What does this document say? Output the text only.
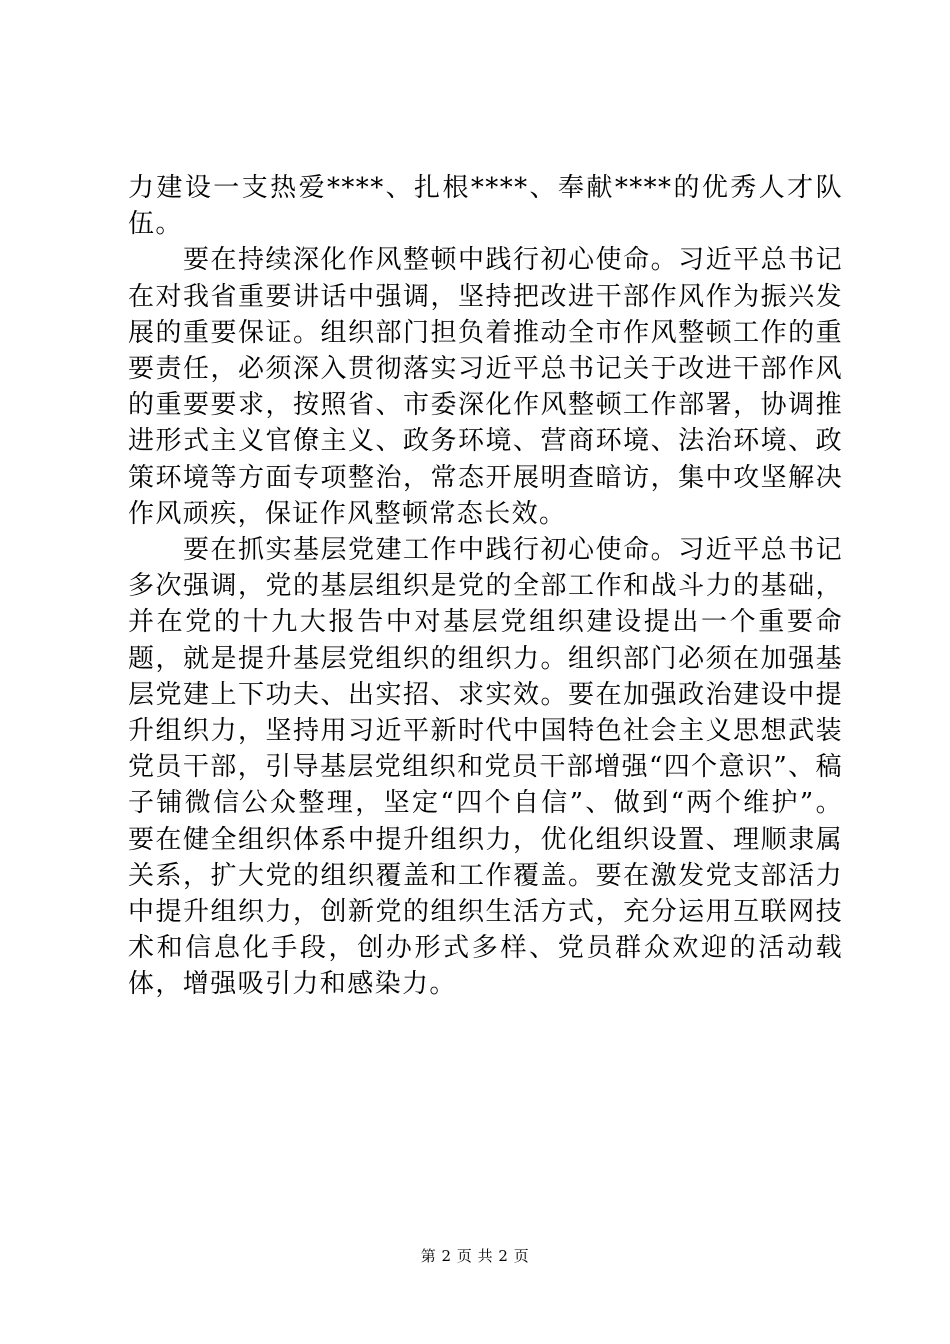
力建设一支热爱****、扎根****、奉献****的优秀人才队伍。

要在持续深化作风整顿中践行初心使命。习近平总书记在对我省重要讲话中强调，坚持把改进干部作风作为振兴发展的重要保证。组织部门担负着推动全市作风整顿工作的重要责任，必须深入贯彻落实习近平总书记关于改进干部作风的重要要求，按照省、市委深化作风整顿工作部署，协调推进形式主义官僚主义、政务环境、营商环境、法治环境、政策环境等方面专项整治，常态开展明查暗访，集中攻坚解决作风顽疾，保证作风整顿常态长效。

要在抓实基层党建工作中践行初心使命。习近平总书记多次强调，党的基层组织是党的全部工作和战斗力的基础，并在党的十九大报告中对基层党组织建设提出一个重要命题，就是提升基层党组织的组织力。组织部门必须在加强基层党建上下功夫、出实招、求实效。要在加强政治建设中提升组织力，坚持用习近平新时代中国特色社会主义思想武装党员干部，引导基层党组织和党员干部增强“四个意识”、稿子铺微信公众整理，坚定“四个自信”、做到“两个维护”。要在健全组织体系中提升组织力，优化组织设置、理顺隶属关系，扩大党的组织覆盖和工作覆盖。要在激发党支部活力中提升组织力，创新党的组织生活方式，充分运用互联网技术和信息化手段，创办形式多样、党员群众欢迎的活动载体，增强吸引力和感染力。

第 2 页 共 2 页
